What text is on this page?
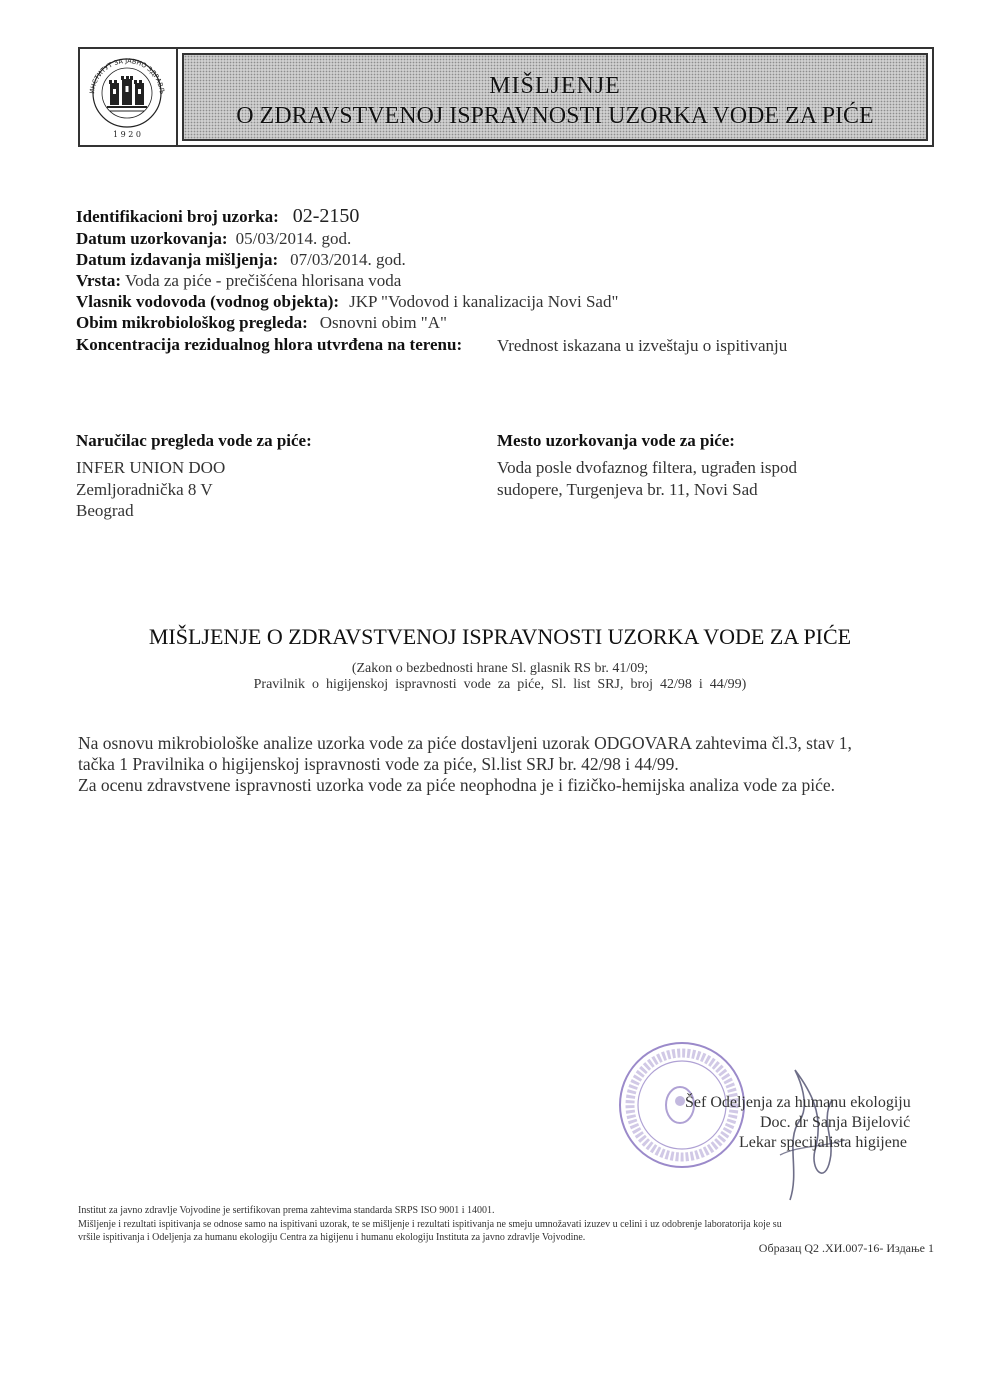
ИНСТИТУТ ЗА ЈАВНО ЗДРАВЉ
1 9 2 0
MIŠLJENJE
O ZDRAVSTVENOJ ISPRAVNOSTI UZORKA VODE ZA PIĆE
Identifikacioni broj uzorka: 02-2150
Datum uzorkovanja: 05/03/2014. god.
Datum izdavanja mišljenja: 07/03/2014. god.
Vrsta: Voda za piće - prečišćena hlorisana voda
Vlasnik vodovoda (vodnog objekta): JKP "Vodovod i kanalizacija Novi Sad"
Obim mikrobiološkog pregleda: Osnovni obim "A"
Koncentracija rezidualnog hlora utvrđena na terenu: Vrednost iskazana u izveštaju o ispitivanju
Naručilac pregleda vode za piće:
INFER UNION DOO
Zemljoradnička 8 V
Beograd
Mesto uzorkovanja vode za piće:
Voda posle dvofaznog filtera, ugrađen ispod
sudopere, Turgenjeva br. 11, Novi Sad
MIŠLJENJE O ZDRAVSTVENOJ ISPRAVNOSTI UZORKA VODE ZA PIĆE
(Zakon o bezbednosti hrane Sl. glasnik RS br. 41/09;
Pravilnik  o  higijenskoj  ispravnosti  vode  za  piće,  Sl.  list  SRJ,  broj  42/98  i  44/99)
Na osnovu mikrobiološke analize uzorka vode za piće dostavljeni uzorak ODGOVARA zahtevima čl.3, stav 1,
tačka 1 Pravilnika o higijenskoj ispravnosti vode za piće, Sl.list SRJ br. 42/98 i 44/99.
Za ocenu zdravstvene ispravnosti uzorka vode za piće neophodna je i fizičko-hemijska analiza vode za piće.
Šef Odeljenja za humanu ekologiju
Doc. dr Sanja Bijelović
Lekar specijalista higijene
Institut za javno zdravlje Vojvodine je sertifikovan prema zahtevima standarda SRPS ISO 9001 i 14001.
Mišljenje i rezultati ispitivanja se odnose samo na ispitivani uzorak, te se mišljenje i rezultati ispitivanja ne smeju umnožavati izuzev u celini i uz odobrenje laboratorija koje su
vršile ispitivanja i Odeljenja za humanu ekologiju Centra za higijenu i humanu ekologiju Instituta za javno zdravlje Vojvodine.
Образац Q2 .ХИ.007-16- Издање 1
